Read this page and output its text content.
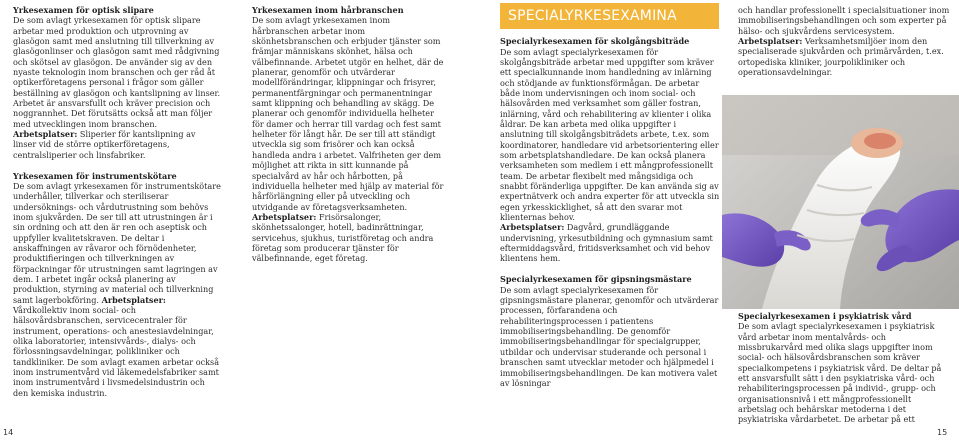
Yrkesexamen för optisk slipare

De som avlagt yrkesexamen för optisk slipare arbetar med produktion och utprovning av glasögon samt med anslutning till tillverkning av glasögonlinser och glasögon samt med rådgivning och skötsel av glasögon. De använder sig av den nyaste teknologin inom branschen och ger råd åt optikerföretagens personal i frågor som gäller beställning av glasögon och kantslipning av linser. Arbetet är ansvarsfullt och kräver precision och noggrannhet. Det förutsätts också att man följer med utvecklingen inom branschen. Arbetsplatser: Sliperier för kantslipning av linser vid de större optikerföretagens, centralsliperier och linsfabriker.

Yrkesexamen för instrumentskötare

De som avlagt yrkesexamen för instrumentskötare underhåller, tillverkar och steriliserar undersöknings- och vårdutrustning som behövs inom sjukvården. De ser till att utrustningen är i sin ordning och att den är ren och aseptisk och uppfyller kvalitetskraven. De deltar i anskaffningen av råvaror och förnödenheter, produktifieringen och tillverkningen av förpackningar för utrustningen samt lagringen av dem. I arbetet ingår också planering av produktion, styrning av material och tillverkning samt lagerbokföring. Arbetsplatser: Vårdkollektiv inom social- och hälsovårdsbranschen, servicecentraler för instrument, operations- och anestesiavdelningar, olika laboratorier, intensivvårds-, dialys- och förlossningsavdelningar, polikliniker och tandkliniker. De som avlagt examen arbetar också inom instrumentvård vid läkemedelsfabriker samt inom instrumentvård i livsmedelsindustrin och den kemiska industrin.

Yrkesexamen inom hårbranschen

De som avlagt yrkesexamen inom hårbranschen arbetar inom skönhetsbranschen och erbjuder tjänster som främjar människans skönhet, hälsa och välbefinnande. Arbetet utgör en helhet, där de planerar, genomför och utvärderar modellförändringar, klippningar och frisyrer, permanentfärgningar och permanentningar samt klippning och behandling av skägg. De planerar och genomför individuella helheter för damer och herrar till vardag och fest samt helheter för långt hår. De ser till att ständigt utveckla sig som frisörer och kan också handleda andra i arbetet. Valfriheten ger dem möjlighet att rikta in sitt kunnande på specialvård av hår och hårbotten, på individuella helheter med hjälp av material för hårförlängning eller på utveckling och utvidgande av företagsverksamheten.

Arbetsplatser: Frisörsalonger, skönhetssalonger, hotell, badinrättningar, servicehus, sjukhus, turistföretag och andra företag som producerar tjänster för välbefinnande, eget företag.

14
SPECIALYRKESEXAMINA
Specialyrkesexamen för skolgångsbiträde

De som avlagt specialyrkesexamen för skolgångsbiträde arbetar med uppgifter som kräver ett specialkunnande inom handledning av inlärning och stödjande av funktionsförmågan. De arbetar både inom undervisningen och inom social- och hälsovården med verksamhet som gäller fostran, inlärning, vård och rehabilitering av klienter i olika åldrar. De kan arbeta med olika uppgifter i anslutning till skolgångsbiträdets arbete, t.ex. som koordinatorer, handledare vid arbetsorientering eller som arbetsplatshandledare. De kan också planera verksamheten som medlem i ett mångprofessionellt team. De arbetar flexibelt med mångsidiga och snabbt föränderliga uppgifter. De kan använda sig av expertnätverk och andra experter för att utveckla sin egen yrkesskicklighet, så att den svarar mot klienternas behov.

Arbetsplatser: Dagvård, grundläggande undervisning, yrkesutbildning och gymnasium samt eftermiddagsvård, fritidsverksamhet och vid behov klientens hem.

Specialyrkesexamen för gipsningsmästare

De som avlagt specialyrkesexamen för gipsningsmästare planerar, genomför och utvärderar processen, förfarandena och rehabiliteringsprocessen i patientens immobiliseringsbehandling. De genomför immobiliseringsbehandlingar för specialgrupper, utbildar och undervisar studerande och personal i branschen samt utvecklar metoder och hjälpmedel i immobiliseringsbehandlingen. De kan motivera valet av lösningar

och handlar professionellt i specialsituationer inom immobiliseringsbehandlingen och som experter på hälso- och sjukvårdens servicesystem.

Arbetsplatser: Verksamhetsmiljöer inom den specialiserade sjukvården och primärvården, t.ex. ortopediska kliniker, jourpolikliniker och operationsavdelningar.

Specialyrkesexamen i psykiatrisk vård

De som avlagt specialyrkesexamen i psykiatrisk vård arbetar inom mentalvårds- och missbrukarvård med olika slags uppgifter inom social- och hälsovårdsbranschen som kräver specialkompetens i psykiatrisk vård. De deltar på ett ansvarsfullt sätt i den psykiatriska vård- och rehabiliteringsprocessen på individ-, grupp- och organisationsnivå i ett mångprofessionellt arbetslag och behärskar metoderna i det psykiatriska vårdarbetet. De arbetar på ett

15
